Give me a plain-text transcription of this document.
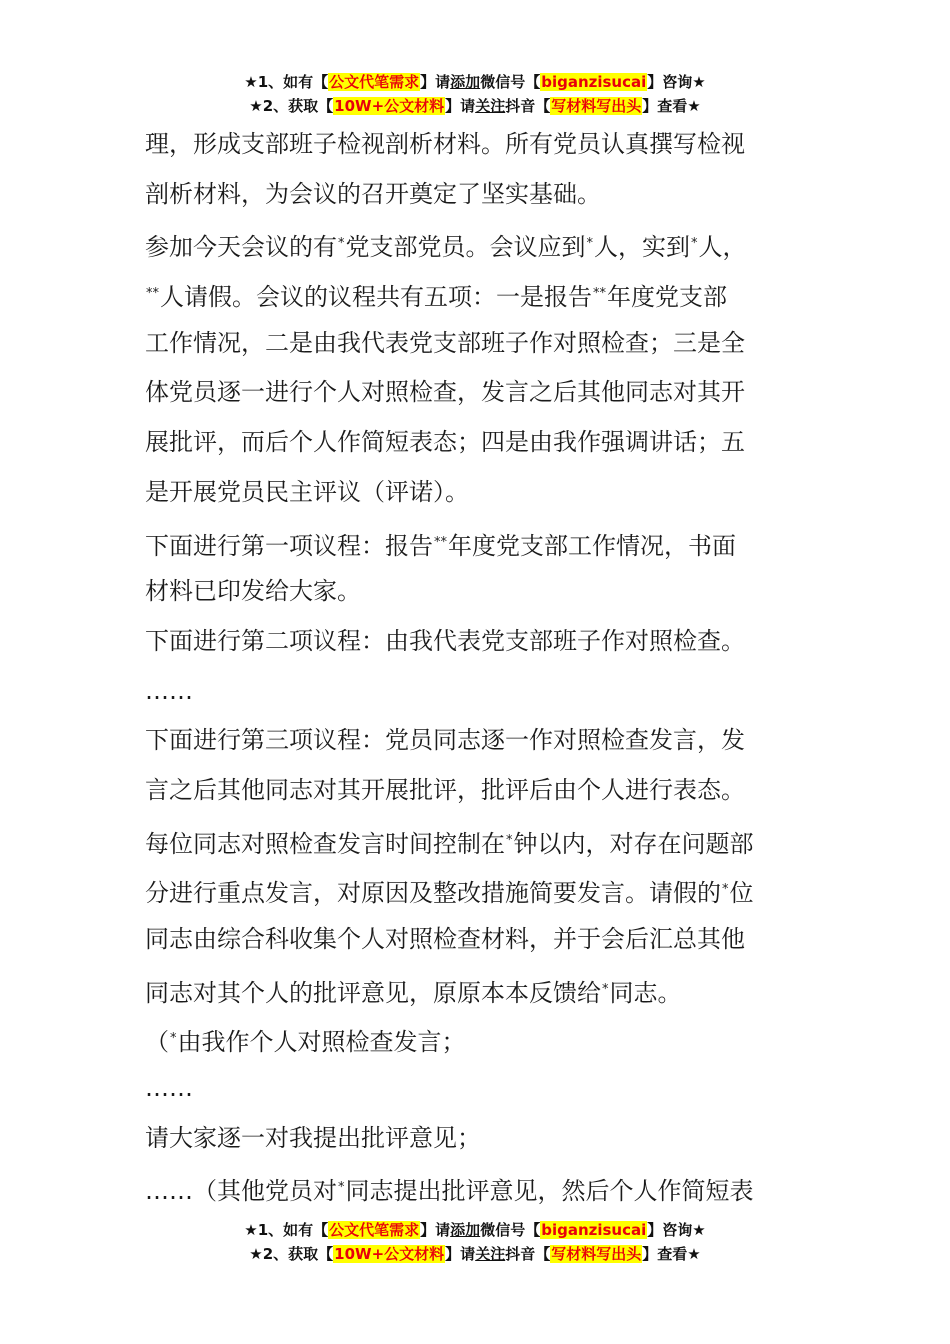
★1、如有【公文代笔需求】请添加微信号【biganzisucai】咨询★
★2、获取【10W+公文材料】请关注抖音【写材料写出头】查看★

理，形成支部班子检视剖析材料。所有党员认真撰写检视

剖析材料，为会议的召开奠定了坚实基础。

参加今天会议的有*党支部党员。会议应到*人，实到*人，

**人请假。会议的议程共有五项：一是报告**年度党支部

工作情况，二是由我代表党支部班子作对照检查；三是全

体党员逐一进行个人对照检查，发言之后其他同志对其开

展批评，而后个人作简短表态；四是由我作强调讲话；五

是开展党员民主评议（评诺）。

下面进行第一项议程：报告**年度党支部工作情况，书面

材料已印发给大家。

下面进行第二项议程：由我代表党支部班子作对照检查。

……

下面进行第三项议程：党员同志逐一作对照检查发言，发

言之后其他同志对其开展批评，批评后由个人进行表态。

每位同志对照检查发言时间控制在*钟以内，对存在问题部

分进行重点发言，对原因及整改措施简要发言。请假的*位

同志由综合科收集个人对照检查材料，并于会后汇总其他

同志对其个人的批评意见，原原本本反馈给*同志。

（*由我作个人对照检查发言；

……

请大家逐一对我提出批评意见；

……（其他党员对*同志提出批评意见，然后个人作简短表

★1、如有【公文代笔需求】请添加微信号【biganzisucai】咨询★
★2、获取【10W+公文材料】请关注抖音【写材料写出头】查看★
